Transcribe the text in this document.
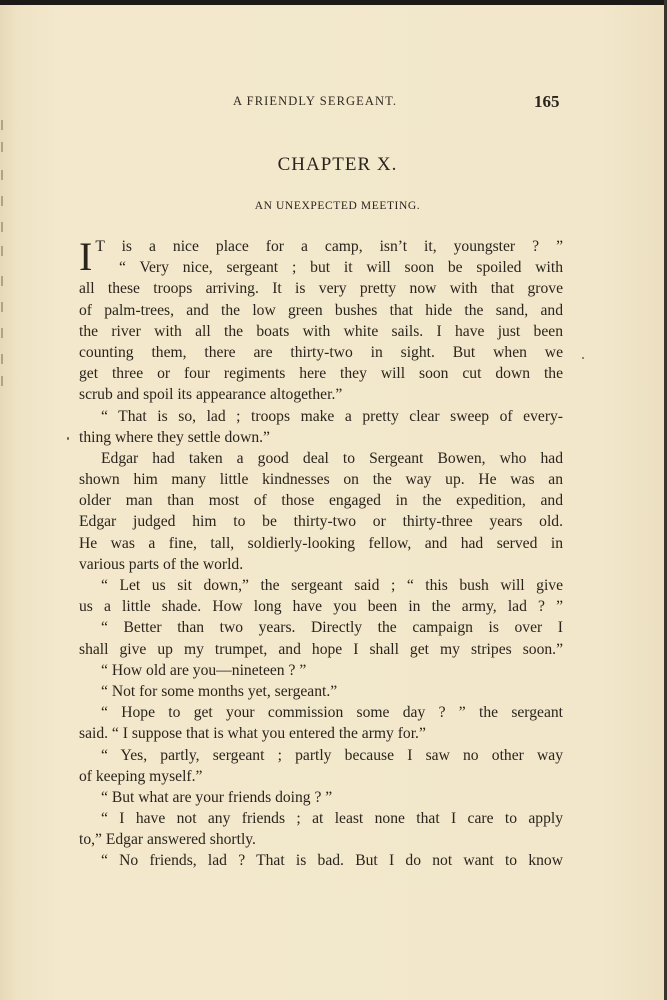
A FRIENDLY SERGEANT.	165
CHAPTER X.
AN UNEXPECTED MEETING.
I T is a nice place for a camp, isn’t it, youngster ? ”
“ Very nice, sergeant ; but it will soon be spoiled with
all these troops arriving. It is very pretty now with that grove
of palm-trees, and the low green bushes that hide the sand, and
the river with all the boats with white sails. I have just been
counting them, there are thirty-two in sight. But when we
get three or four regiments here they will soon cut down the
scrub and spoil its appearance altogether.”
“ That is so, lad ; troops make a pretty clear sweep of every-
thing where they settle down.”
Edgar had taken a good deal to Sergeant Bowen, who had
shown him many little kindnesses on the way up. He was an
older man than most of those engaged in the expedition, and
Edgar judged him to be thirty-two or thirty-three years old.
He was a fine, tall, soldierly-looking fellow, and had served in
various parts of the world.
“ Let us sit down,” the sergeant said ; “ this bush will give
us a little shade. How long have you been in the army, lad ? ”
“ Better than two years. Directly the campaign is over I
shall give up my trumpet, and hope I shall get my stripes soon.”
“ How old are you—nineteen ? ”
“ Not for some months yet, sergeant.”
“ Hope to get your commission some day ? ” the sergeant
said. “ I suppose that is what you entered the army for.”
“ Yes, partly, sergeant ; partly because I saw no other way
of keeping myself.”
“ But what are your friends doing ? ”
“ I have not any friends ; at least none that I care to apply
to,” Edgar answered shortly.
“ No friends, lad ? That is bad. But I do not want to know
